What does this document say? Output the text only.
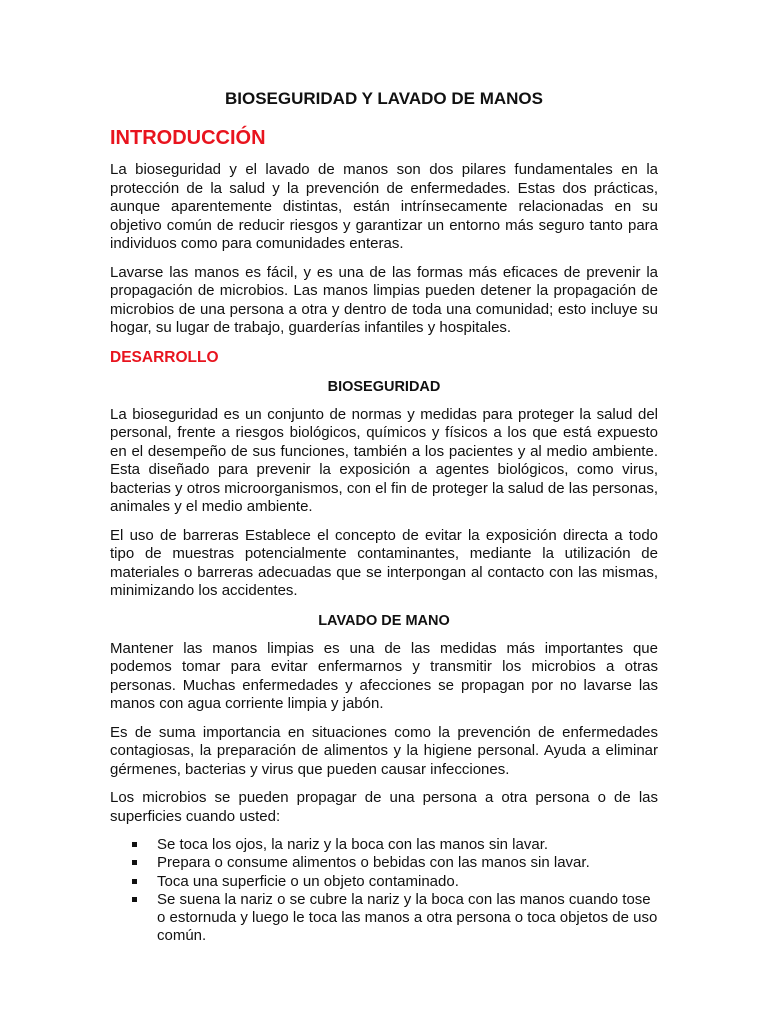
BIOSEGURIDAD Y LAVADO DE MANOS
INTRODUCCIÓN

La bioseguridad y el lavado de manos son dos pilares fundamentales en la protección de la salud y la prevención de enfermedades. Estas dos prácticas, aunque aparentemente distintas, están intrínsecamente relacionadas en su objetivo común de reducir riesgos y garantizar un entorno más seguro tanto para individuos como para comunidades enteras.

Lavarse las manos es fácil, y es una de las formas más eficaces de prevenir la propagación de microbios. Las manos limpias pueden detener la propagación de microbios de una persona a otra y dentro de toda una comunidad; esto incluye su hogar, su lugar de trabajo, guarderías infantiles y hospitales.

DESARROLLO
BIOSEGURIDAD

La bioseguridad es un conjunto de normas y medidas para proteger la salud del personal, frente a riesgos biológicos, químicos y físicos a los que está expuesto en el desempeño de sus funciones, también a los pacientes y al medio ambiente. Esta diseñado para prevenir la exposición a agentes biológicos, como virus, bacterias y otros microorganismos, con el fin de proteger la salud de las personas, animales y el medio ambiente.

El uso de barreras Establece el concepto de evitar la exposición directa a todo tipo de muestras potencialmente contaminantes, mediante la utilización de materiales o barreras adecuadas que se interpongan al contacto con las mismas, minimizando los accidentes.

LAVADO DE MANO

Mantener las manos limpias es una de las medidas más importantes que podemos tomar para evitar enfermarnos y transmitir los microbios a otras personas. Muchas enfermedades y afecciones se propagan por no lavarse las manos con agua corriente limpia y jabón.

Es de suma importancia en situaciones como la prevención de enfermedades contagiosas, la preparación de alimentos y la higiene personal. Ayuda a eliminar gérmenes, bacterias y virus que pueden causar infecciones.

Los microbios se pueden propagar de una persona a otra persona o de las superficies cuando usted:

Se toca los ojos, la nariz y la boca con las manos sin lavar.
Prepara o consume alimentos o bebidas con las manos sin lavar.
Toca una superficie o un objeto contaminado.
Se suena la nariz o se cubre la nariz y la boca con las manos cuando tose o estornuda y luego le toca las manos a otra persona o toca objetos de uso común.
